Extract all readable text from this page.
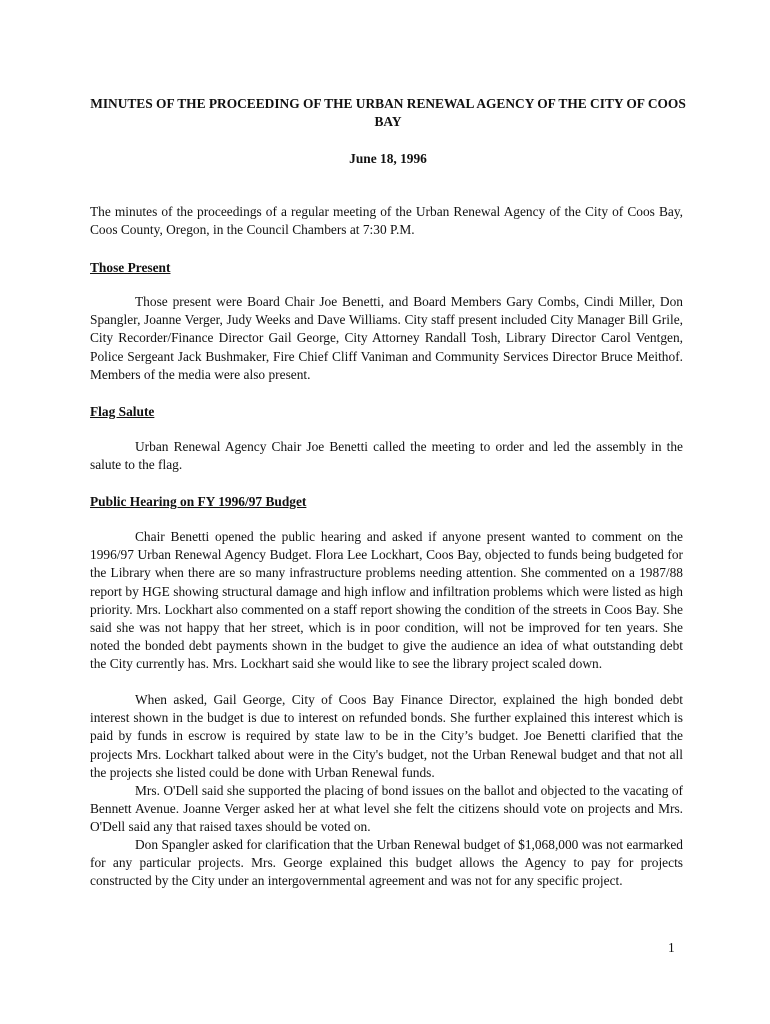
MINUTES OF THE PROCEEDING OF THE URBAN RENEWAL AGENCY OF THE CITY OF COOS BAY
June 18, 1996

The minutes of the proceedings of a regular meeting of the Urban Renewal Agency of the City of Coos Bay, Coos County, Oregon, in the Council Chambers at 7:30 P.M.

Those Present

Those present were Board Chair Joe Benetti, and Board Members Gary Combs, Cindi Miller, Don Spangler, Joanne Verger, Judy Weeks and Dave Williams. City staff present included City Manager Bill Grile, City Recorder/Finance Director Gail George, City Attorney Randall Tosh, Library Director Carol Ventgen, Police Sergeant Jack Bushmaker, Fire Chief Cliff Vaniman and Community Services Director Bruce Meithof. Members of the media were also present.

Flag Salute

Urban Renewal Agency Chair Joe Benetti called the meeting to order and led the assembly in the salute to the flag.

Public Hearing on FY 1996/97 Budget

Chair Benetti opened the public hearing and asked if anyone present wanted to comment on the 1996/97 Urban Renewal Agency Budget. Flora Lee Lockhart, Coos Bay, objected to funds being budgeted for the Library when there are so many infrastructure problems needing attention. She commented on a 1987/88 report by HGE showing structural damage and high inflow and infiltration problems which were listed as high priority. Mrs. Lockhart also commented on a staff report showing the condition of the streets in Coos Bay. She said she was not happy that her street, which is in poor condition, will not be improved for ten years. She noted the bonded debt payments shown in the budget to give the audience an idea of what outstanding debt the City currently has. Mrs. Lockhart said she would like to see the library project scaled down.

When asked, Gail George, City of Coos Bay Finance Director, explained the high bonded debt interest shown in the budget is due to interest on refunded bonds. She further explained this interest which is paid by funds in escrow is required by state law to be in the City’s budget. Joe Benetti clarified that the projects Mrs. Lockhart talked about were in the City's budget, not the Urban Renewal budget and that not all the projects she listed could be done with Urban Renewal funds.

Mrs. O'Dell said she supported the placing of bond issues on the ballot and objected to the vacating of Bennett Avenue. Joanne Verger asked her at what level she felt the citizens should vote on projects and Mrs. O'Dell said any that raised taxes should be voted on.

Don Spangler asked for clarification that the Urban Renewal budget of $1,068,000 was not earmarked for any particular projects. Mrs. George explained this budget allows the Agency to pay for projects constructed by the City under an intergovernmental agreement and was not for any specific project.

1
